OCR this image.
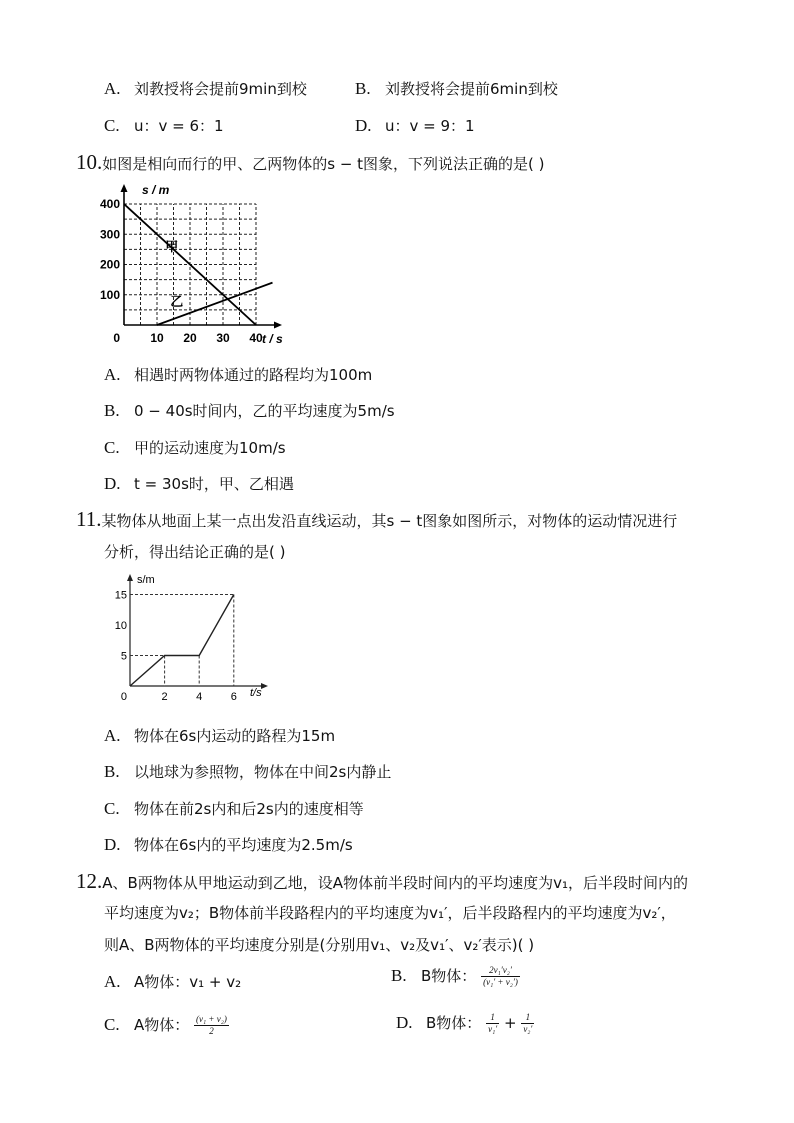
A. 刘教授将会提前9min到校	B. 刘教授将会提前6min到校
C. u：v = 6：1	D. u：v = 9：1
10.如图是相向而行的甲、乙两物体的s − t图象，下列说法正确的是( )
甲
乙
10 20 30 40
100
200
300
400
s / m
t / s
0
A. 相遇时两物体通过的路程均为100m
B. 0 − 40s时间内，乙的平均速度为5m/s
C. 甲的运动速度为10m/s
D. t = 30s时，甲、乙相遇
11.某物体从地面上某一点出发沿直线运动，其s − t图象如图所示，对物体的运动情况进行
分析，得出结论正确的是( )
2	4	6
5
10
15
s/m
t/s
0
A. 物体在6s内运动的路程为15m
B. 以地球为参照物，物体在中间2s内静止
C. 物体在前2s内和后2s内的速度相等
D. 物体在6s内的平均速度为2.5m/s
12.A、B两物体从甲地运动到乙地，设A物体前半段时间内的平均速度为v₁，后半段时间内的
平均速度为v₂；B物体前半段路程内的平均速度为v₁′，后半段路程内的平均速度为v₂′，
则A、B两物体的平均速度分别是(分别用v₁、v₂及v₁′、v₂′表示)( )
A. A物体：v₁ + v₂	B. B物体： $\frac{\text{2v₁′v₂′}}{\text{(v₁′ + v₂′)}}$
C. A物体： $\frac{\text{(v₁ + v₂)}}{2}$	D. B物体： $\frac{1}{\text{v₁′}} + \frac{1}{\text{v₂′}}$
